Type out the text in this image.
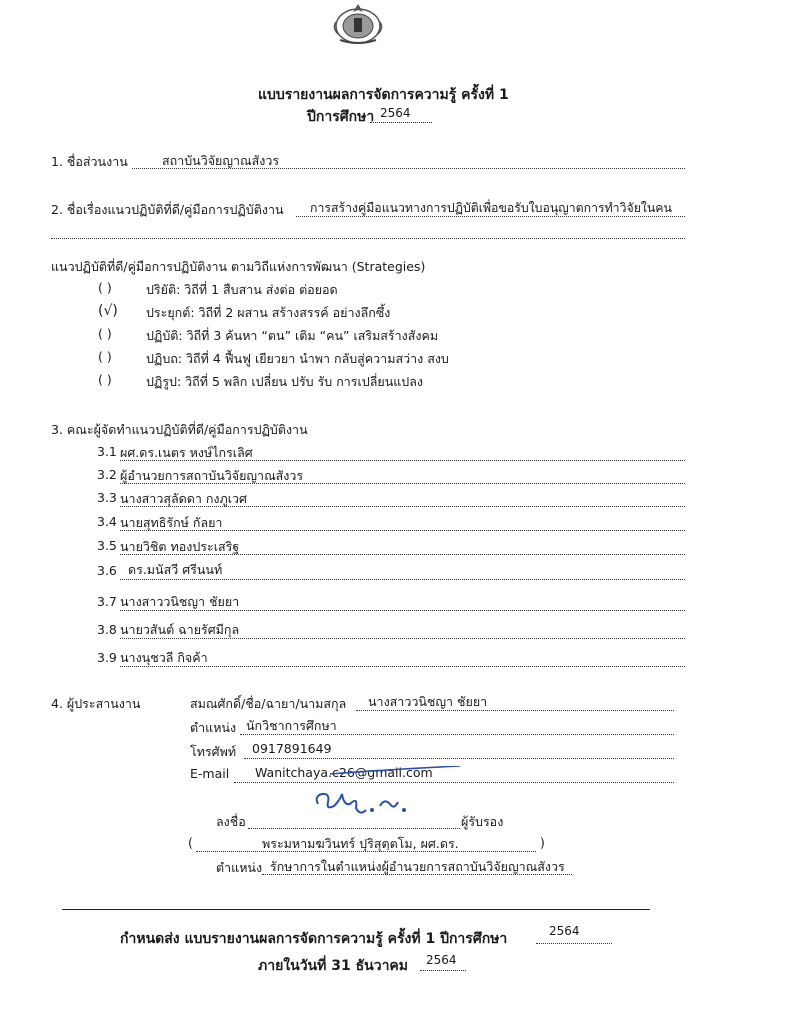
แบบรายงานผลการจัดการความรู้ ครั้งที่ 1
ปีการศึกษา 2564
1. ชื่อส่วนงาน	สถาบันวิจัยญาณสังวร
2. ชื่อเรื่องแนวปฏิบัติที่ดี/คู่มือการปฏิบัติงาน การสร้างคู่มือแนวทางการปฏิบัติเพื่อขอรับใบอนุญาตการทำวิจัยในคน
แนวปฏิบัติที่ดี/คู่มือการปฏิบัติงาน ตามวิถีแห่งการพัฒนา (Strategies)
( )	ปริยัติ: วิถีที่ 1 สืบสาน ส่งต่อ ต่อยอด
(√) ประยุกต์: วิถีที่ 2 ผสาน สร้างสรรค์ อย่างลึกซึ้ง
( )	ปฏิบัติ: วิถีที่ 3 ค้นหา “ตน” เติม “คน” เสริมสร้างสังคม
( )	ปฏิบถ: วิถีที่ 4 ฟื้นฟู เยียวยา นำพา กลับสู่ความสว่าง สงบ
( )	ปฏิรูป: วิถีที่ 5 พลิก เปลี่ยน ปรับ รับ การเปลี่ยนแปลง
3. คณะผู้จัดทำแนวปฏิบัติที่ดี/คู่มือการปฏิบัติงาน
3.1 ผศ.ดร.เนตร หงษ์ไกรเลิศ
3.2 ผู้อำนวยการสถาบันวิจัยญาณสังวร
3.3 นางสาวสุลัดดา กงภูเวศ
3.4 นายสุทธิรักษ์ กัลยา
3.5 นายวิชิต ทองประเสริฐ
3.6 ดร.มนัสวี ศรีนนท์
3.7 นางสาววนิชญา ชัยยา
3.8 นายวสันต์ ฉายรัศมีกุล
3.9 นางนุชวลี กิจค้า
4. ผู้ประสานงาน	สมณศักดิ์/ชื่อ/ฉายา/นามสกุล นางสาววนิชญา ชัยยา
ตำแหน่ง นักวิชาการศึกษา
โทรศัพท์ 0917891649
E-mail Wanitchaya.c26@gmail.com
ลงชื่อ	ผู้รับรอง
(	พระมหามฆวินทร์ ปุริสุตฺตโม, ผศ.ดร.	)
ตำแหน่ง รักษาการในตำแหน่งผู้อำนวยการสถาบันวิจัยญาณสังวร
กำหนดส่ง แบบรายงานผลการจัดการความรู้ ครั้งที่ 1 ปีการศึกษา	2564
ภายในวันที่ 31 ธันวาคม 2564
